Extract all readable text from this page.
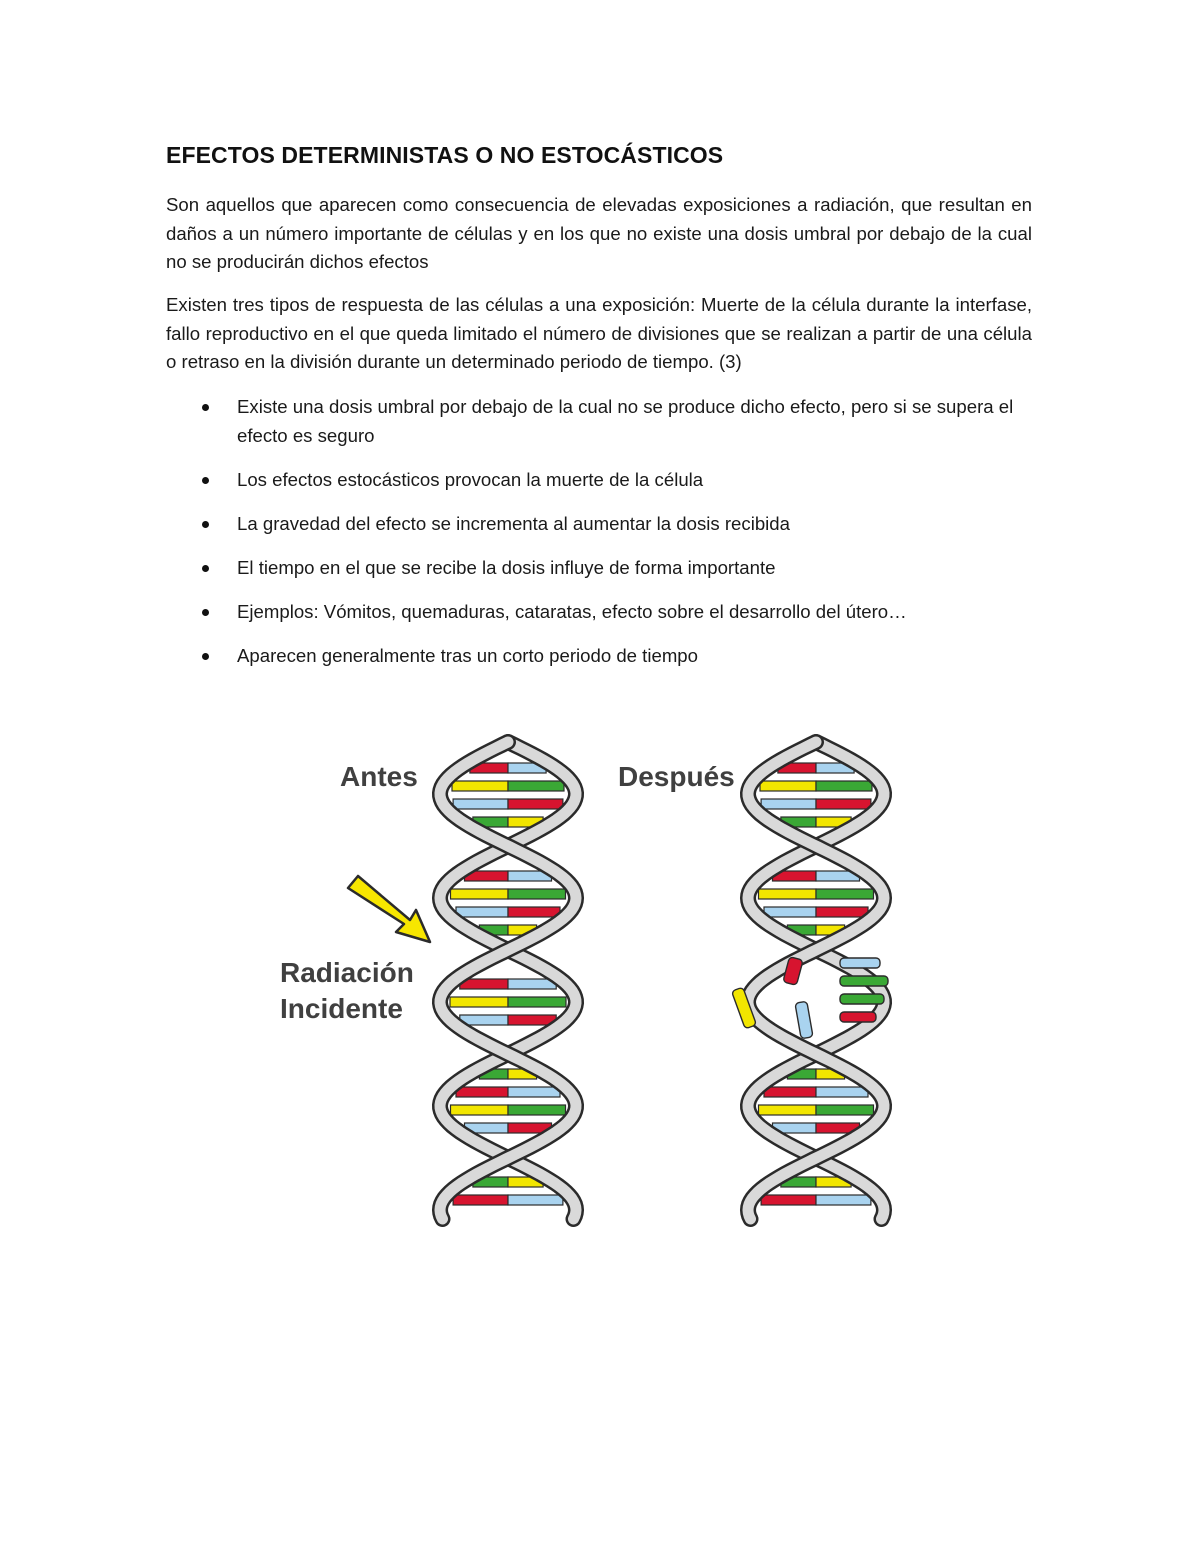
EFECTOS DETERMINISTAS O NO ESTOCÁSTICOS

Son aquellos que aparecen como consecuencia de elevadas exposiciones a radiación, que resultan en daños a un número importante de células y en los que no existe una dosis umbral por debajo de la cual no se producirán dichos efectos

Existen tres tipos de respuesta de las células a una exposición: Muerte de la célula durante la interfase, fallo reproductivo en el que queda limitado el número de divisiones que se realizan a partir de una célula o retraso en la división durante un determinado periodo de tiempo. (3)

Existe una dosis umbral por debajo de la cual no se produce dicho efecto, pero si se supera el efecto es seguro
Los efectos estocásticos provocan la muerte de la célula
La gravedad del efecto se incrementa al aumentar la dosis recibida
El tiempo en el que se recibe la dosis influye de forma importante
Ejemplos: Vómitos, quemaduras, cataratas, efecto sobre el desarrollo del útero…
Aparecen generalmente tras un corto periodo de tiempo
Antes	Después
Radiación
Incidente
